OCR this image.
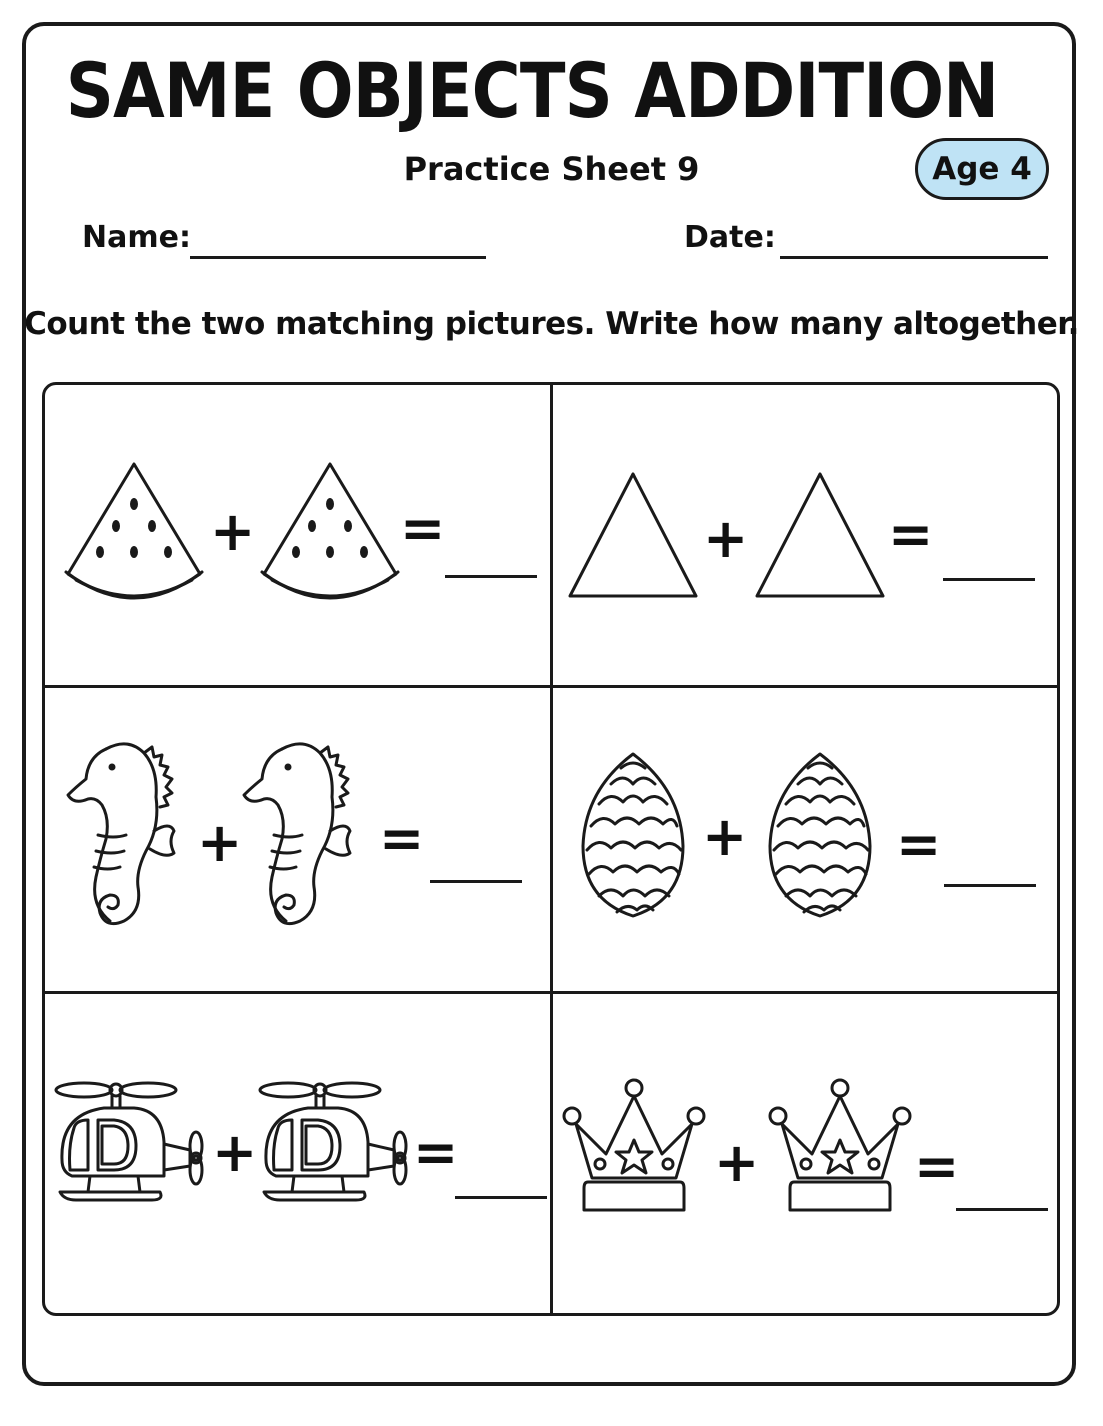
SAME OBJECTS ADDITION
Practice Sheet 9	Age 4
Name:	Date:
Count the two matching pictures. Write how many altogether.
+	=	+	=
+	=	+	=
+	=	+	=
